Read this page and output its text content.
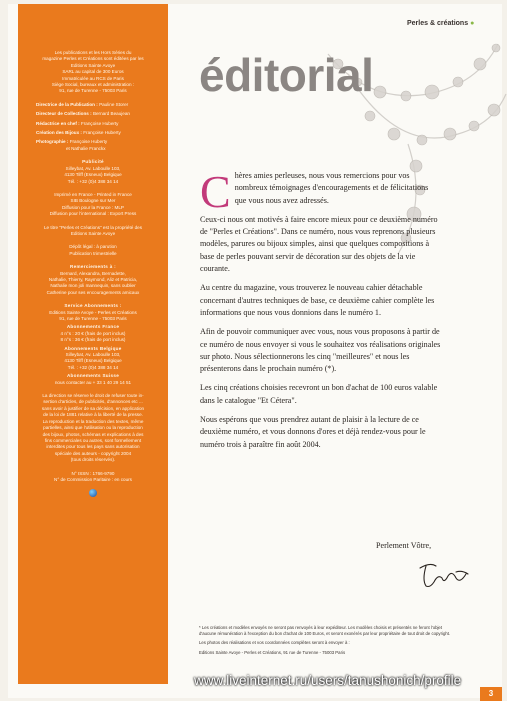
Les publications et les Hors Séries du
magazine Perles et Créations sont éditées par les
Editions Sainte Avoye
SARL au capital de 300 Euros
Immatriculée au RCS de Paris
Siège Social, bureaux et administration :
91, rue de Turenne - 75003 Paris
Directrice de la Publication : Pauline Storer
Directeur de Collections : Bernard Beaujean
Rédactrice en chef : Françoise Huberty
Création des Bijoux : Françoise Huberty
Photographie : Françoise Huberty
et Nathalie Franckx
Publicité
Silleybat, Av. Laboulle 103,
4130 Tilff (Esneux) Belgique
Tél. : +32 (0)4 388 34 14
Imprimé en France - Printed in France
SIB Boulogne sur Mer
Diffusion pour la France : MLP
Diffusion pour l'international : Export Press
Le titre "Perles et Créations" est la propriété des
Editions Sainte Avoye
Dépôt légal : à parution
Publication trimestrielle
Remerciements à :
Bernard, Alexandra, Bernadette,
Nathalie, Thierry, Raymond, Aliz et Patricia,
Nathalie mon joli mannequin, sans oublier
Catherine pour ses encouragements amicaux
Service Abonnements :
Editions Sainte Avoye - Perles et Créations
91, rue de Turenne - 75003 Paris
Abonnements France
4 n°s : 20 € (frais de port inclus)
8 n°s : 36 € (frais de port inclus)
Abonnements Belgique
Silleybat, Av. Laboulle 103,
4130 Tilff (Esneux) Belgique
Tél. : +32 (0)4 388 34 14
Abonnements Suisse
nous contacter au + 33 1 40 29 14 51
La direction se réserve le droit de refuser toute in-
sertion d'articles, de publicités, d'annonces etc ...
sans avoir à justifier de sa décision, en application
de la loi de 1881 relative à la liberté de la presse.
La reproduction et la traduction des textes, même
partielles, ainsi que l'utilisation ou la reproduction
des bijoux, photos, schémas et explications à des
fins commerciales ou autres, sont formellement
interdites pour tous les pays sans autorisation
spéciale des auteurs - copyright 2004
(tous droits réservés).
N° ISSN : 1766-9790
N° de Commission Paritaire : en cours
Perles & créations ●
éditorial

Chères amies perleuses, nous vous remercions pour vos nombreux témoignages d'encouragements et de félicitations que vous nous avez adressés.

Ceux-ci nous ont motivés à faire encore mieux pour ce deuxième numéro de "Perles et Créations". Dans ce numéro, nous vous reprenons plusieurs modèles, parures ou bijoux simples, ainsi que quelques compositions à base de perles pouvant servir de décoration sur des objets de la vie courante.

Au centre du magazine, vous trouverez le nouveau cahier détachable concernant d'autres techniques de base, ce deuxième cahier complète les informations que nous vous donnions dans le numéro 1.

Afin de pouvoir communiquer avec vous, nous vous proposons à partir de ce numéro de nous envoyer si vous le souhaitez vos réalisations originales sur photo. Nous sélectionnerons les cinq "meilleures" et nous les présenterons dans le prochain numéro (*).

Les cinq créations choisies recevront un bon d'achat de 100 euros valable dans le catalogue "Et Cétera".

Nous espérons que vous prendrez autant de plaisir à la lecture de ce deuxième numéro, et vous donnons d'ores et déjà rendez-vous pour le numéro trois à paraître fin août 2004.

Perlement Vôtre,

* Les créations et modèles envoyés ne seront pas renvoyés à leur expéditeur. Les modèles choisis et présentés ne feront l'objet d'aucune rémunération à l'exception du bon d'achat de 100 Euros, et seront exonérés par leur propriétaire de tout droit de copyright.

Les photos des réalisations et vos coordonnées complètes seront à envoyer à :

Editions Sainte Avoye - Perles et Créations, 91 rue de Turenne - 75003 Paris

3
www.liveinternet.ru/users/tanushonich/profile
